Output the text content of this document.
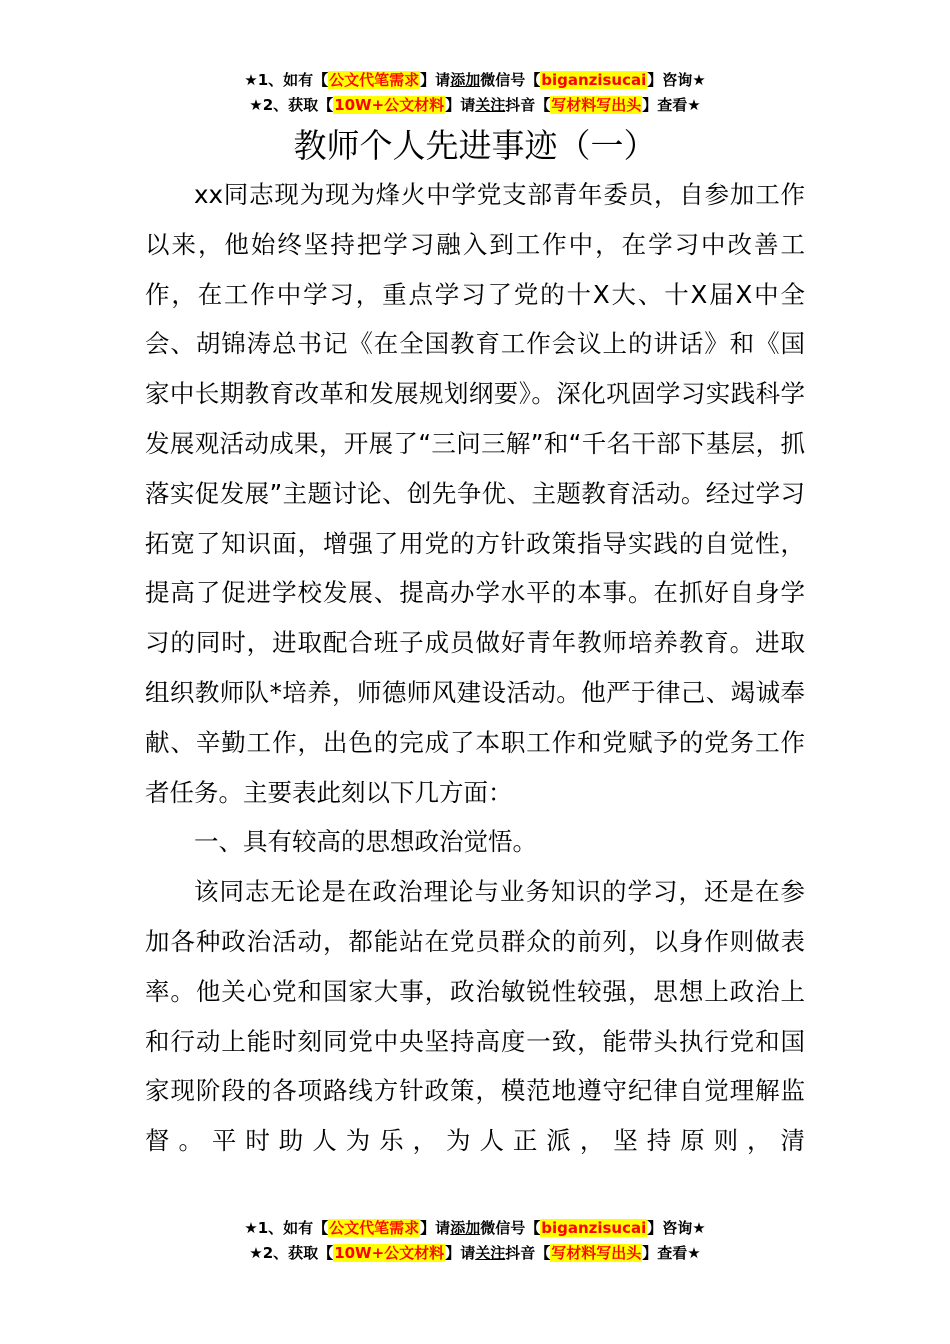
★1、如有【公文代笔需求】请添加微信号【biganzisucai】咨询★
★2、获取【10W+公文材料】请关注抖音【写材料写出头】查看★
教师个人先进事迹（一）

xx同志现为现为烽火中学党支部青年委员，自参加工作以来，他始终坚持把学习融入到工作中，在学习中改善工作，在工作中学习，重点学习了党的十X大、十X届X中全会、胡锦涛总书记《在全国教育工作会议上的讲话》和《国家中长期教育改革和发展规划纲要》。深化巩固学习实践科学发展观活动成果，开展了“三问三解”和“千名干部下基层，抓落实促发展”主题讨论、创先争优、主题教育活动。经过学习拓宽了知识面，增强了用党的方针政策指导实践的自觉性，提高了促进学校发展、提高办学水平的本事。在抓好自身学习的同时，进取配合班子成员做好青年教师培养教育。进取组织教师队*培养，师德师风建设活动。他严于律己、竭诚奉献、辛勤工作，出色的完成了本职工作和党赋予的党务工作者任务。主要表此刻以下几方面：

一、具有较高的思想政治觉悟。

该同志无论是在政治理论与业务知识的学习，还是在参加各种政治活动，都能站在党员群众的前列，以身作则做表率。他关心党和国家大事，政治敏锐性较强，思想上政治上和行动上能时刻同党中央坚持高度一致，能带头执行党和国家现阶段的各项路线方针政策，模范地遵守纪律自觉理解监督。平时助人为乐，为人正派，坚持原则，清

★1、如有【公文代笔需求】请添加微信号【biganzisucai】咨询★
★2、获取【10W+公文材料】请关注抖音【写材料写出头】查看★
